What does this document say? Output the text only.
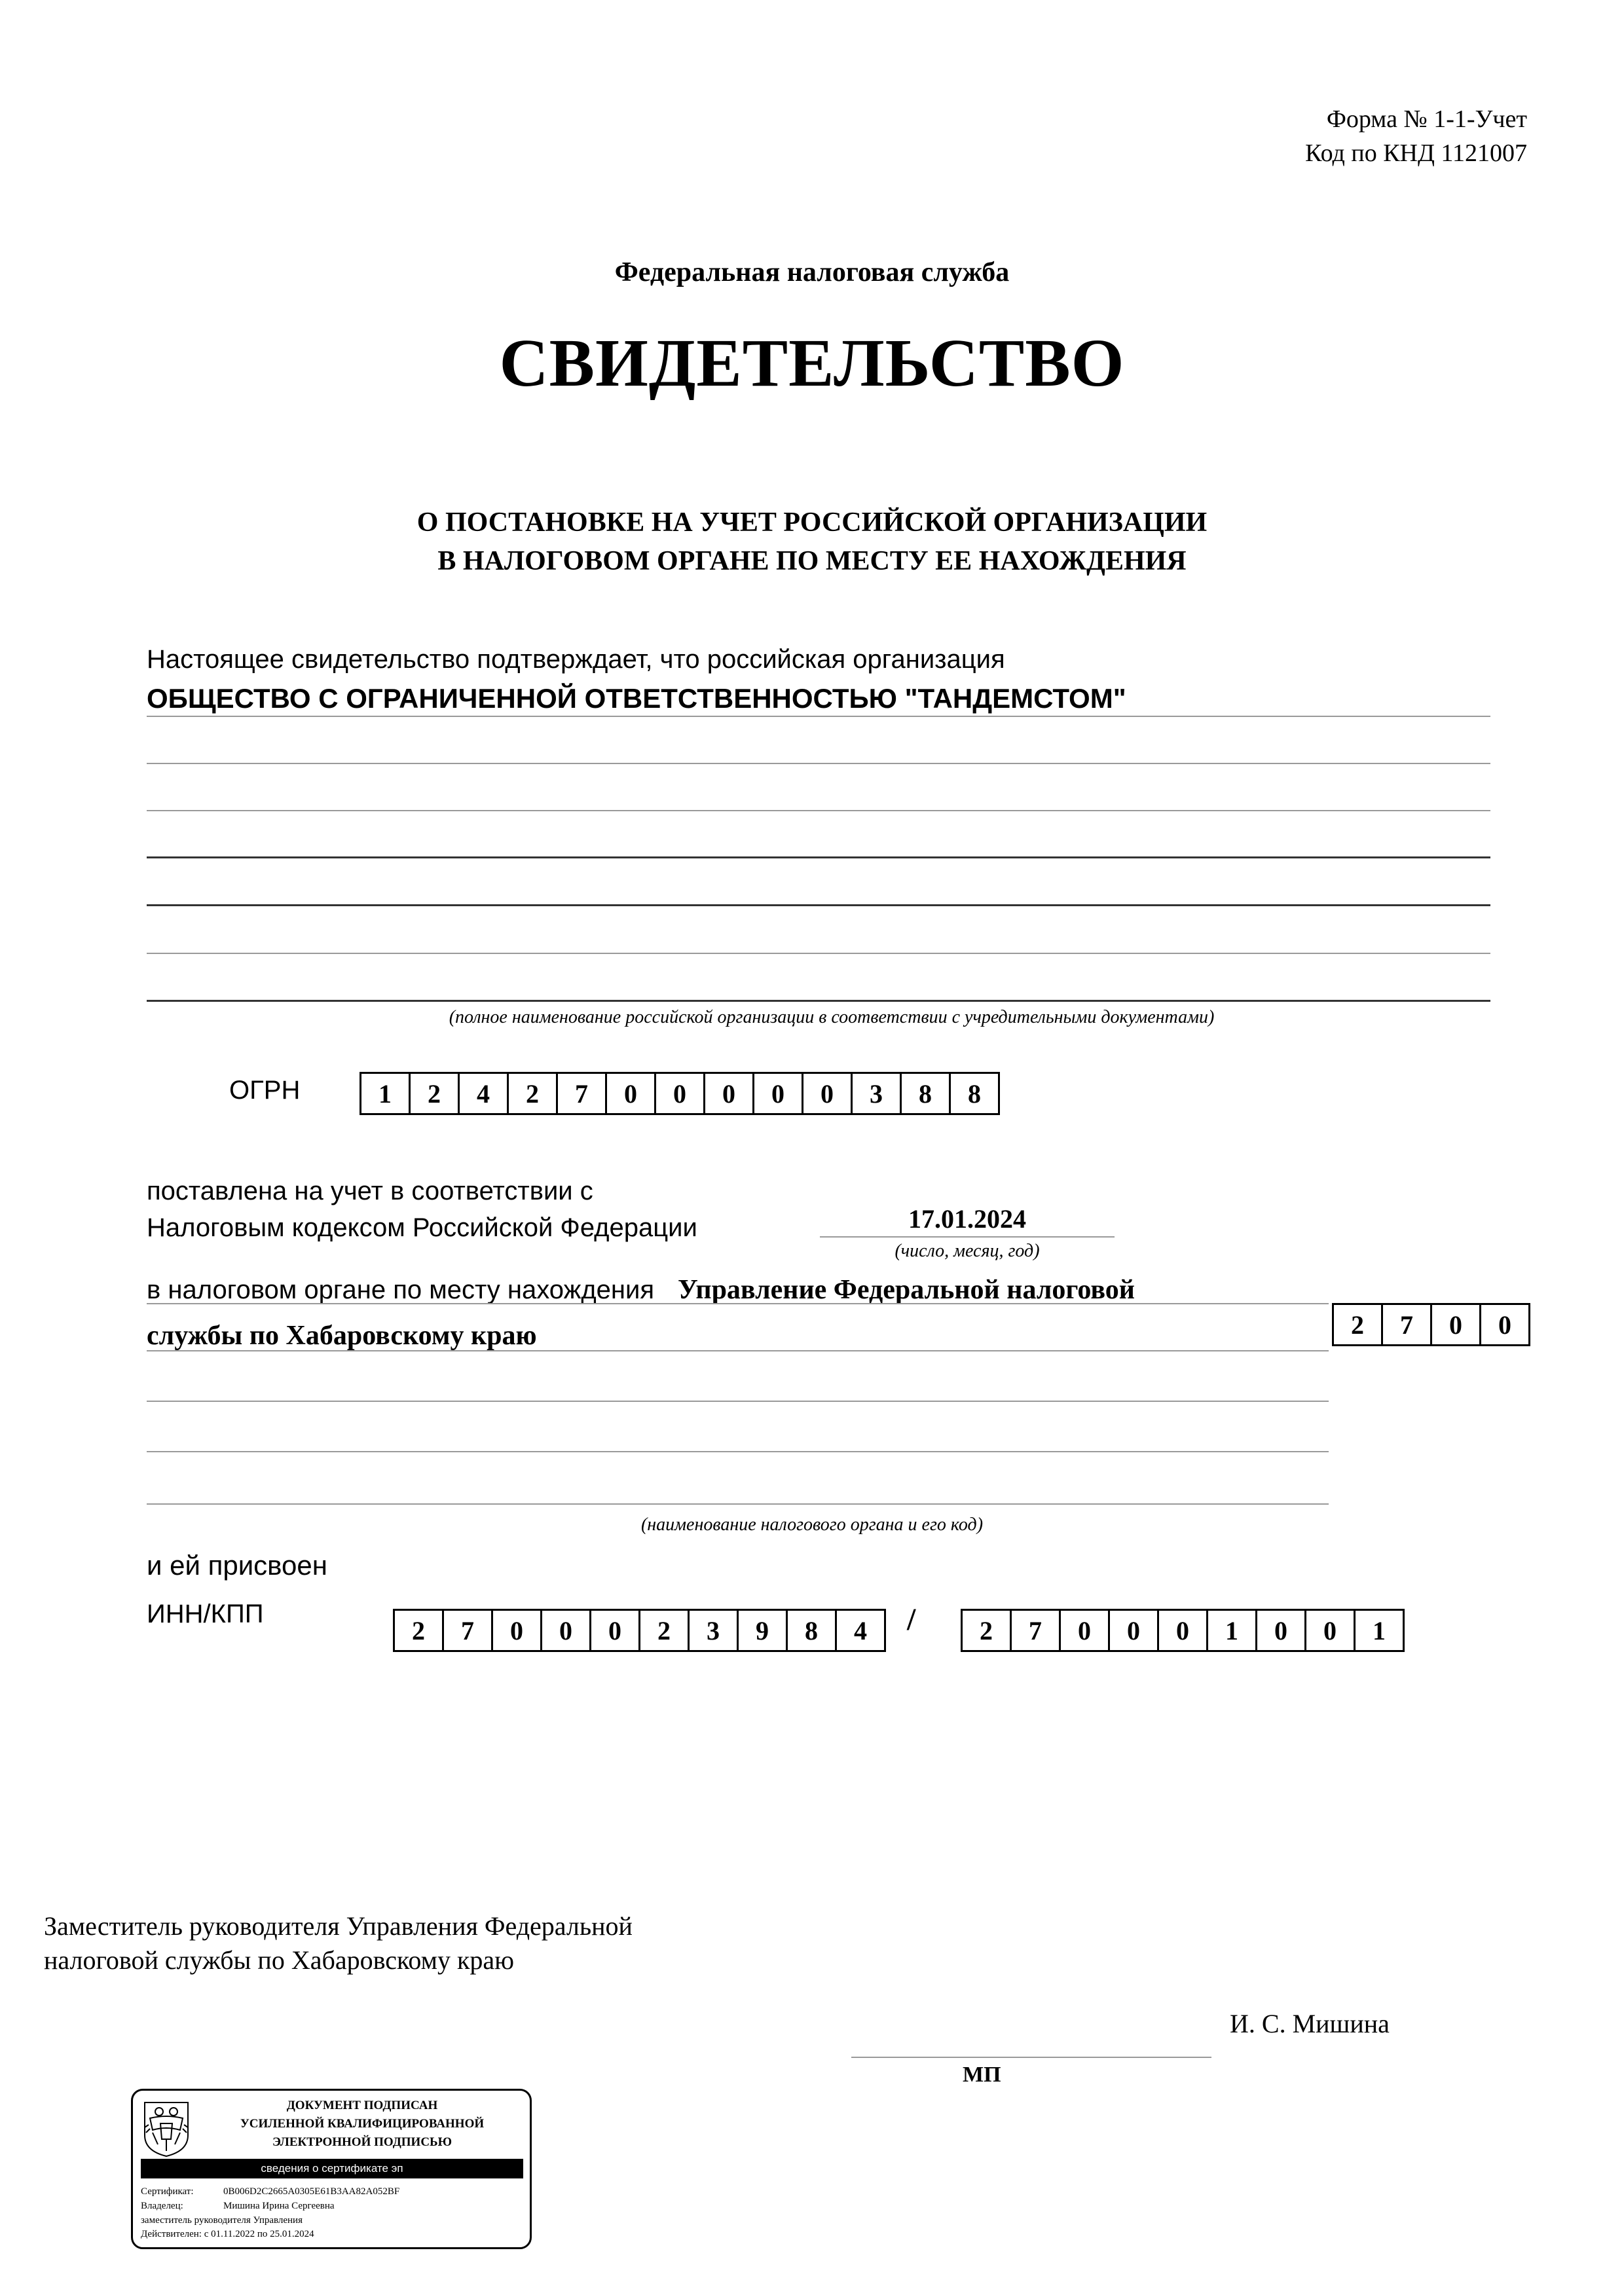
Форма № 1-1-Учет
Код по КНД 1121007
Федеральная налоговая служба
СВИДЕТЕЛЬСТВО
О ПОСТАНОВКЕ НА УЧЕТ РОССИЙСКОЙ ОРГАНИЗАЦИИ
В НАЛОГОВОМ ОРГАНЕ ПО МЕСТУ ЕЕ НАХОЖДЕНИЯ
Настоящее свидетельство подтверждает, что российская организация
ОБЩЕСТВО С ОГРАНИЧЕННОЙ ОТВЕТСТВЕННОСТЬЮ "ТАНДЕМСТОМ"
(полное наименование российской организации в соответствии с учредительными документами)
ОГРН	1	2	4	2	7	0	0	0	0	0	3	8	8
поставлена на учет в соответствии с
Налоговым кодексом Российской Федерации	17.01.2024
(число, месяц, год)
в налоговом органе по месту нахождения Управление Федеральной налоговой
службы по Хабаровскому краю	2	7	0	0
(наименование налогового органа и его код)
и ей присвоен
ИНН/КПП
2	7	0	0	0	2	3	9	8	4	/	2	7	0	0	0	1	0	0	1
Заместитель руководителя Управления Федеральной
налоговой службы по Хабаровскому краю
И. С. Мишина
МП
ДОКУМЕНТ ПОДПИСАН
УСИЛЕННОЙ КВАЛИФИЦИРОВАННОЙ
ЭЛЕКТРОННОЙ ПОДПИСЬЮ
сведения о сертификате эп
Сертификат:	0B006D2C2665A0305E61B3AA82A052BF
Владелец:	Мишина Ирина Сергеевна
заместитель руководителя Управления
Действителен: с 01.11.2022 по 25.01.2024
